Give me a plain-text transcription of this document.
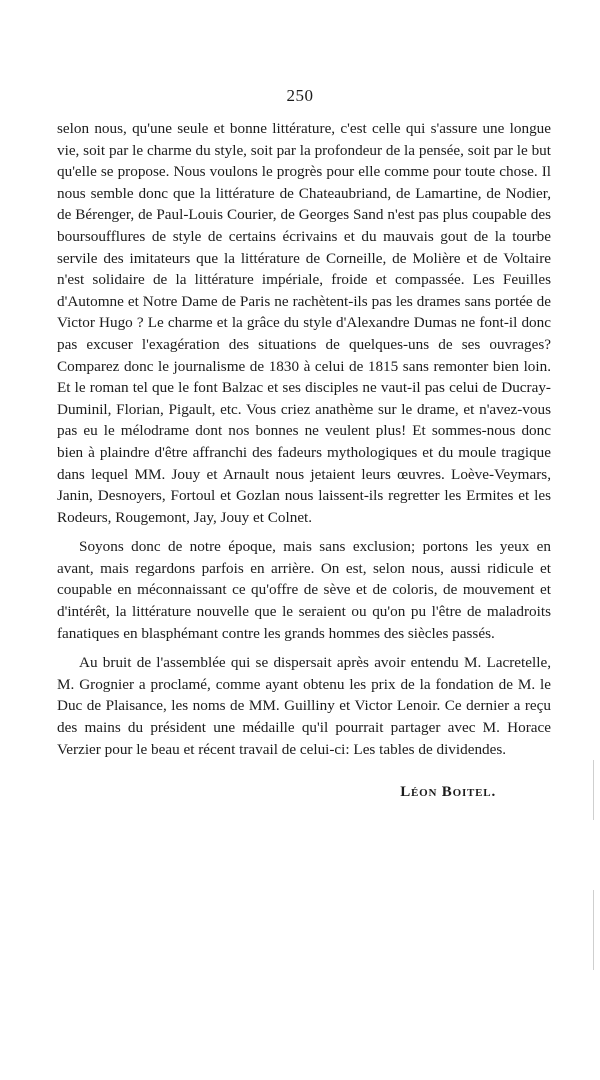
250

selon nous, qu'une seule et bonne littérature, c'est celle qui s'assure une longue vie, soit par le charme du style, soit par la profondeur de la pensée, soit par le but qu'elle se propose. Nous voulons le progrès pour elle comme pour toute chose. Il nous semble donc que la littérature de Chateaubriand, de Lamartine, de Nodier, de Bérenger, de Paul-Louis Courier, de Georges Sand n'est pas plus coupable des boursoufflures de style de certains écrivains et du mauvais gout de la tourbe servile des imitateurs que la littérature de Corneille, de Molière et de Voltaire n'est solidaire de la littérature impériale, froide et compassée. Les Feuilles d'Automne et Notre Dame de Paris ne rachètent-ils pas les drames sans portée de Victor Hugo ? Le charme et la grâce du style d'Alexandre Dumas ne font-il donc pas excuser l'exagération des situations de quelques-uns de ses ouvrages? Comparez donc le journalisme de 1830 à celui de 1815 sans remonter bien loin. Et le roman tel que le font Balzac et ses disciples ne vaut-il pas celui de Ducray-Duminil, Florian, Pigault, etc. Vous criez anathème sur le drame, et n'avez-vous pas eu le mélodrame dont nos bonnes ne veulent plus! Et sommes-nous donc bien à plaindre d'être affranchi des fadeurs mythologiques et du moule tragique dans lequel MM. Jouy et Arnault nous jetaient leurs œuvres. Loève-Veymars, Janin, Desnoyers, Fortoul et Gozlan nous laissent-ils regretter les Ermites et les Rodeurs, Rougemont, Jay, Jouy et Colnet.

Soyons donc de notre époque, mais sans exclusion; portons les yeux en avant, mais regardons parfois en arrière. On est, selon nous, aussi ridicule et coupable en méconnaissant ce qu'offre de sève et de coloris, de mouvement et d'intérêt, la littérature nouvelle que le seraient ou qu'on pu l'être de maladroits fanatiques en blasphémant contre les grands hommes des siècles passés.

Au bruit de l'assemblée qui se dispersait après avoir entendu M. Lacretelle, M. Grognier a proclamé, comme ayant obtenu les prix de la fondation de M. le Duc de Plaisance, les noms de MM. Guilliny et Victor Lenoir. Ce dernier a reçu des mains du président une médaille qu'il pourrait partager avec M. Horace Verzier pour le beau et récent travail de celui-ci: Les tables de dividendes.

Léon Boitel.
